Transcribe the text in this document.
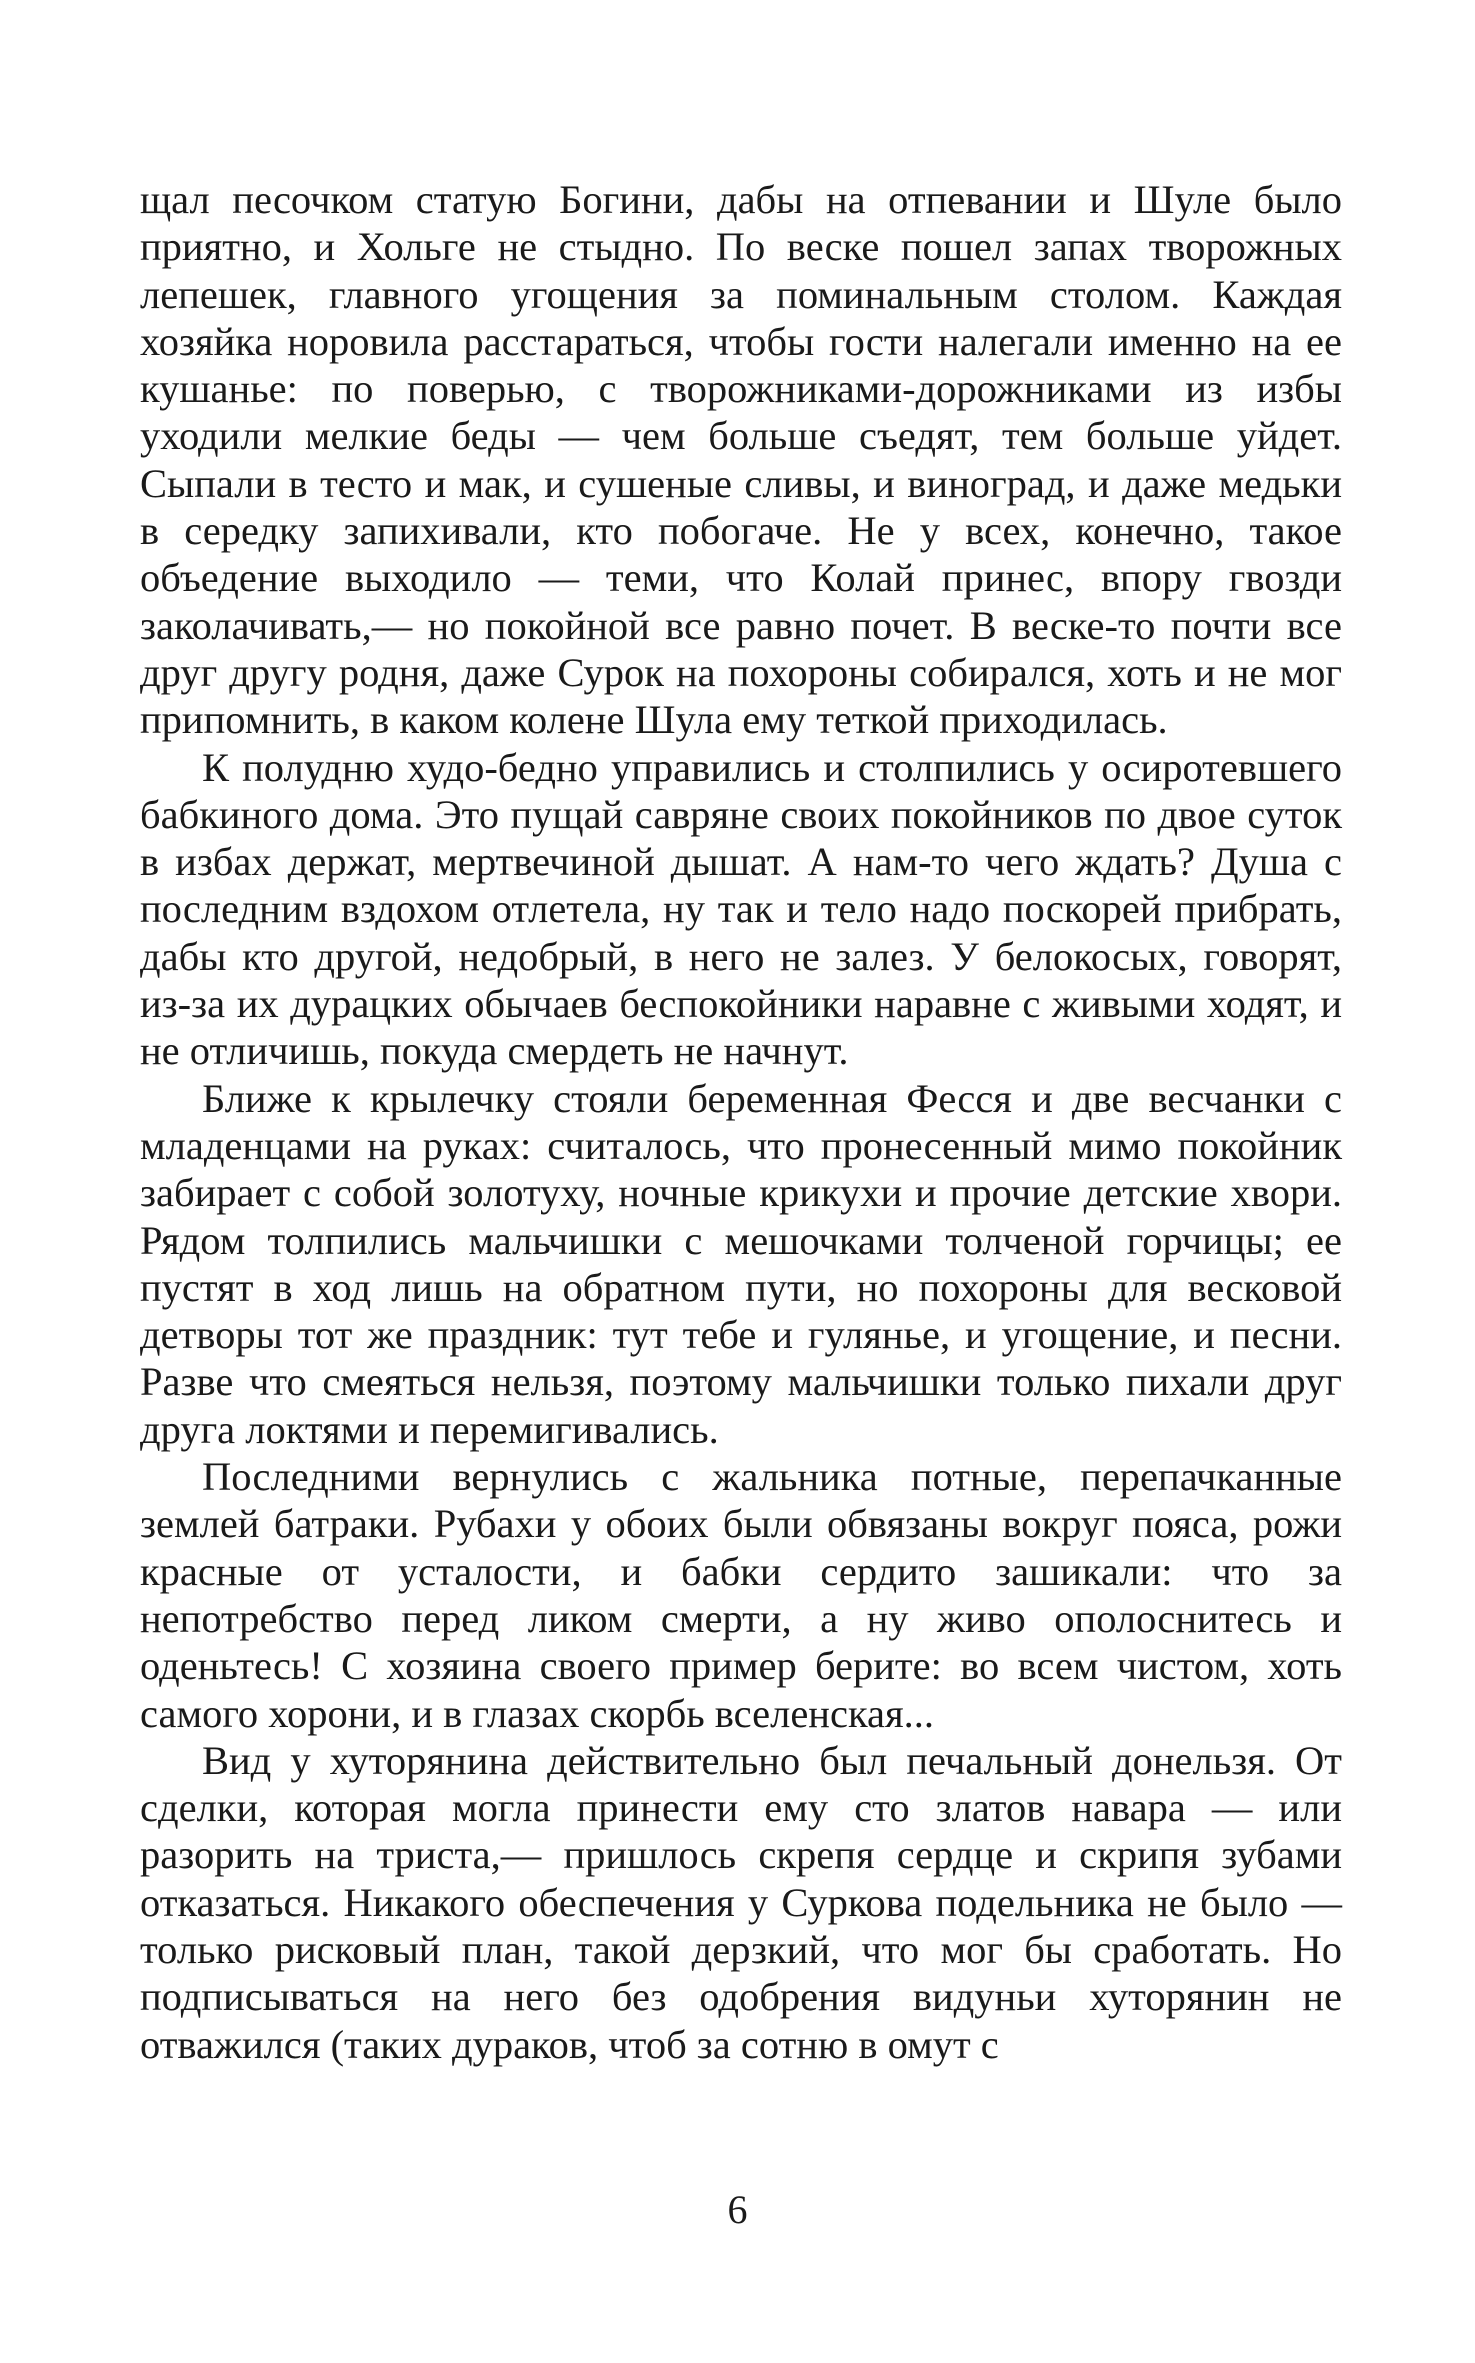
щал песочком статую Богини, дабы на отпевании и Шуле было приятно, и Хольге не стыдно. По веске пошел запах творожных лепешек, главного угощения за поминальным столом. Каждая хозяйка норовила расстараться, чтобы гости налегали именно на ее кушанье: по поверью, с творожниками-дорожниками из избы уходили мелкие беды — чем больше съедят, тем больше уйдет. Сыпали в тесто и мак, и сушеные сливы, и виноград, и даже медьки в середку запихивали, кто побогаче. Не у всех, конечно, такое объедение выходило — теми, что Колай принес, впору гвозди заколачивать,— но покойной все равно почет. В веске-то почти все друг другу родня, даже Сурок на похороны собирался, хоть и не мог припомнить, в каком колене Шула ему теткой приходилась.

К полудню худо-бедно управились и столпились у осиротевшего бабкиного дома. Это пущай савряне своих покойников по двое суток в избах держат, мертвечиной дышат. А нам-то чего ждать? Душа с последним вздохом отлетела, ну так и тело надо поскорей прибрать, дабы кто другой, недобрый, в него не залез. У белокосых, говорят, из-за их дурацких обычаев беспокойники наравне с живыми ходят, и не отличишь, покуда смердеть не начнут.

Ближе к крылечку стояли беременная Фесся и две весчанки с младенцами на руках: считалось, что пронесенный мимо покойник забирает с собой золотуху, ночные крикухи и прочие детские хвори. Рядом толпились мальчишки с мешочками толченой горчицы; ее пустят в ход лишь на обратном пути, но похороны для весковой детворы тот же праздник: тут тебе и гулянье, и угощение, и песни. Разве что смеяться нельзя, поэтому мальчишки только пихали друг друга локтями и перемигивались.

Последними вернулись с жальника потные, перепачканные землей батраки. Рубахи у обоих были обвязаны вокруг пояса, рожи красные от усталости, и бабки сердито зашикали: что за непотребство перед ликом смерти, а ну живо ополоснитесь и оденьтесь! С хозяина своего пример берите: во всем чистом, хоть самого хорони, и в глазах скорбь вселенская...

Вид у хуторянина действительно был печальный донельзя. От сделки, которая могла принести ему сто златов навара — или разорить на триста,— пришлось скрепя сердце и скрипя зубами отказаться. Никакого обеспечения у Суркова подельника не было — только рисковый план, такой дерзкий, что мог бы сработать. Но подписываться на него без одобрения видуньи хуторянин не отважился (таких дураков, чтоб за сотню в омут с

6
